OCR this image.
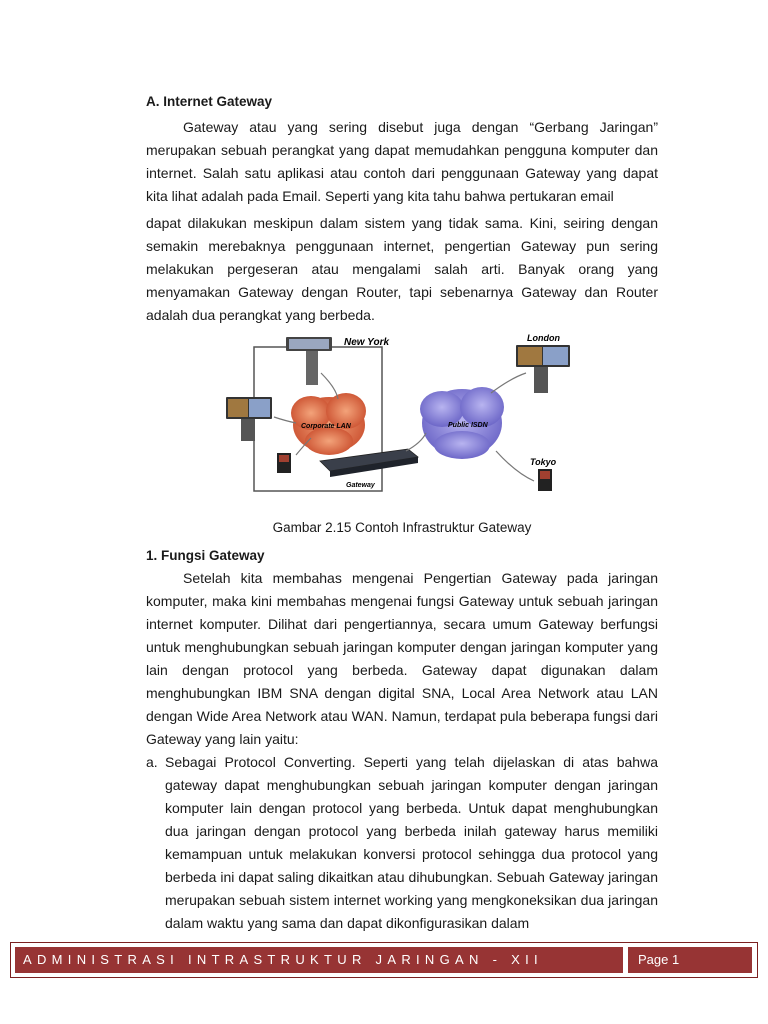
A. Internet Gateway

Gateway atau yang sering disebut juga dengan “Gerbang Jaringan” merupakan sebuah perangkat yang dapat memudahkan pengguna komputer dan internet. Salah satu aplikasi atau contoh dari penggunaan Gateway yang dapat kita lihat adalah pada Email. Seperti yang kita tahu bahwa pertukaran email

dapat dilakukan meskipun dalam sistem yang tidak sama. Kini, seiring dengan semakin merebaknya penggunaan internet, pengertian Gateway pun sering melakukan pergeseran atau mengalami salah arti. Banyak orang yang menyamakan Gateway dengan Router, tapi sebenarnya Gateway dan Router adalah dua perangkat yang berbeda.

New York
Corporate LAN	Public ISDN
Gateway
London
Tokyo
Gambar 2.15 Contoh Infrastruktur Gateway
1. Fungsi Gateway

Setelah kita membahas mengenai Pengertian Gateway pada jaringan komputer, maka kini membahas mengenai fungsi Gateway untuk sebuah jaringan internet komputer. Dilihat dari pengertiannya, secara umum Gateway berfungsi untuk menghubungkan sebuah jaringan komputer dengan jaringan komputer yang lain dengan protocol yang berbeda. Gateway dapat digunakan dalam menghubungkan IBM SNA dengan digital SNA, Local Area Network atau LAN dengan Wide Area Network atau WAN. Namun, terdapat pula beberapa fungsi dari Gateway yang lain yaitu:

a. Sebagai Protocol Converting. Seperti yang telah dijelaskan di atas bahwa gateway dapat menghubungkan sebuah jaringan komputer dengan jaringan komputer lain dengan protocol yang berbeda. Untuk dapat menghubungkan dua jaringan dengan protocol yang berbeda inilah gateway harus memiliki kemampuan untuk melakukan konversi protocol sehingga dua protocol yang berbeda ini dapat saling dikaitkan atau dihubungkan. Sebuah Gateway jaringan merupakan sebuah sistem internet working yang mengkoneksikan dua jaringan dalam waktu yang sama dan dapat dikonfigurasikan dalam
ADMINISTRASI INTRASTRUKTUR JARINGAN - XII	Page 1
